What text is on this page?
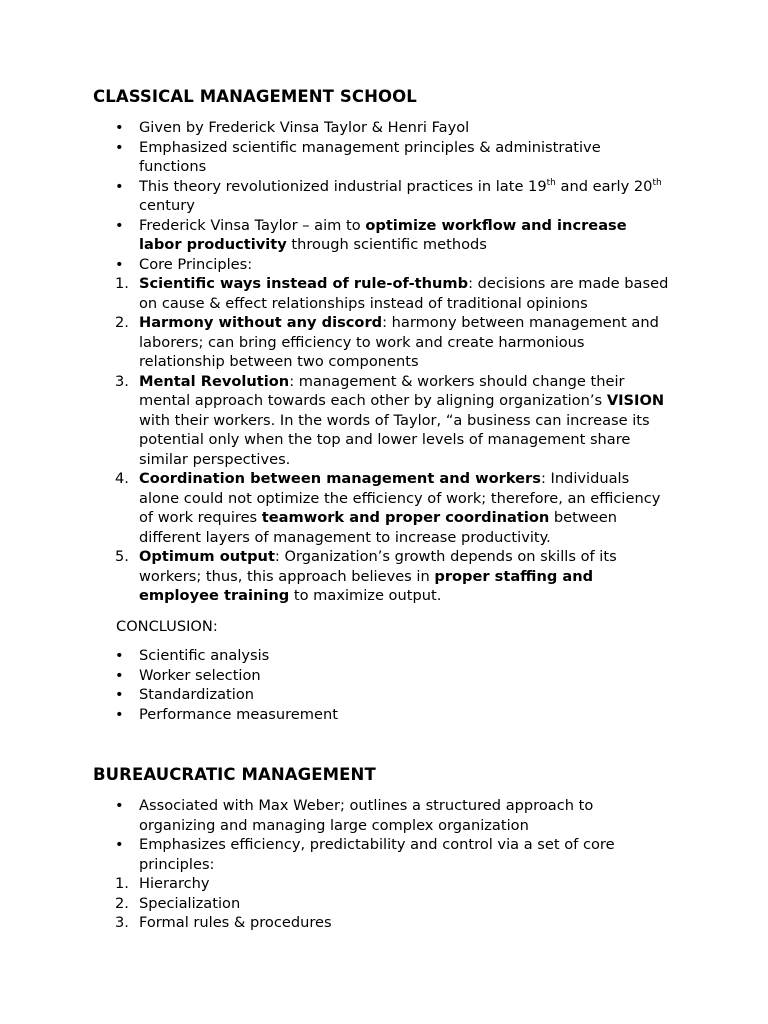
CLASSICAL MANAGEMENT SCHOOL
• Given by Frederick Vinsa Taylor & Henri Fayol
• Emphasized scientific management principles & administrative functions
• This theory revolutionized industrial practices in late 19th and early 20th century
• Frederick Vinsa Taylor – aim to optimize workflow and increase labor productivity through scientific methods
• Core Principles:
1. Scientific ways instead of rule-of-thumb: decisions are made based on cause & effect relationships instead of traditional opinions
2. Harmony without any discord: harmony between management and laborers; can bring efficiency to work and create harmonious relationship between two components
3. Mental Revolution: management & workers should change their mental approach towards each other by aligning organization’s VISION with their workers. In the words of Taylor, “a business can increase its potential only when the top and lower levels of management share similar perspectives.
4. Coordination between management and workers: Individuals alone could not optimize the efficiency of work; therefore, an efficiency of work requires teamwork and proper coordination between different layers of management to increase productivity.
5. Optimum output: Organization’s growth depends on skills of its workers; thus, this approach believes in proper staffing and employee training to maximize output.

CONCLUSION:

• Scientific analysis
• Worker selection
• Standardization
• Performance measurement
BUREAUCRATIC MANAGEMENT
• Associated with Max Weber; outlines a structured approach to organizing and managing large complex organization
• Emphasizes efficiency, predictability and control via a set of core principles:
1. Hierarchy
2. Specialization
3. Formal rules & procedures
